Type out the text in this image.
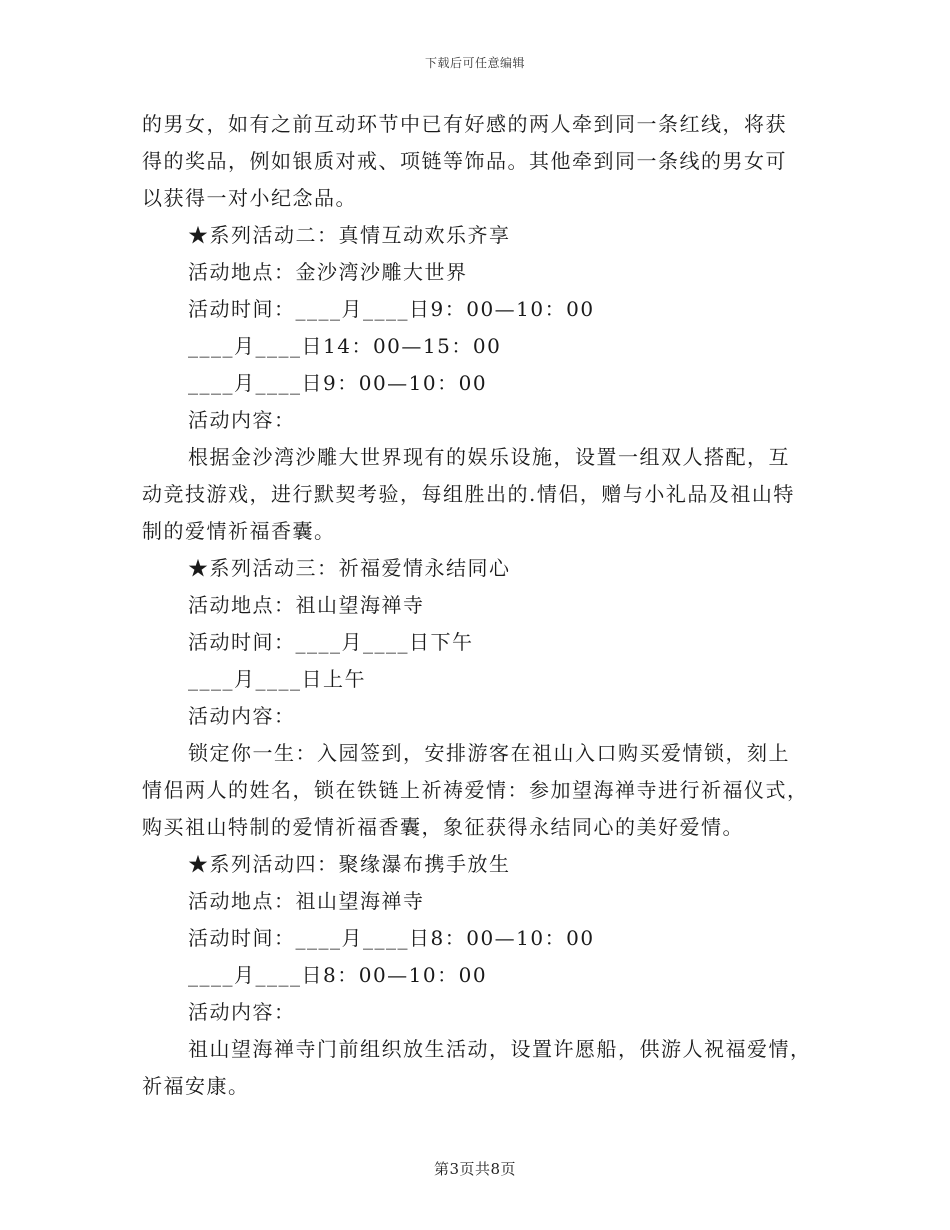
下载后可任意编辑
的男女，如有之前互动环节中已有好感的两人牵到同一条红线，将获
得的奖品，例如银质对戒、项链等饰品。其他牵到同一条线的男女可
以获得一对小纪念品。
★系列活动二：真情互动欢乐齐享
活动地点：金沙湾沙雕大世界
活动时间：____月____日9：00—10：00
____月____日14：00—15：00
____月____日9：00—10：00
活动内容：
根据金沙湾沙雕大世界现有的娱乐设施，设置一组双人搭配，互
动竞技游戏，进行默契考验，每组胜出的.情侣，赠与小礼品及祖山特
制的爱情祈福香囊。
★系列活动三：祈福爱情永结同心
活动地点：祖山望海禅寺
活动时间：____月____日下午
____月____日上午
活动内容：
锁定你一生：入园签到，安排游客在祖山入口购买爱情锁，刻上
情侣两人的姓名，锁在铁链上祈祷爱情：参加望海禅寺进行祈福仪式，
购买祖山特制的爱情祈福香囊，象征获得永结同心的美好爱情。
★系列活动四：聚缘瀑布携手放生
活动地点：祖山望海禅寺
活动时间：____月____日8：00—10：00
____月____日8：00—10：00
活动内容：
祖山望海禅寺门前组织放生活动，设置许愿船，供游人祝福爱情，
祈福安康。
第3页共8页
